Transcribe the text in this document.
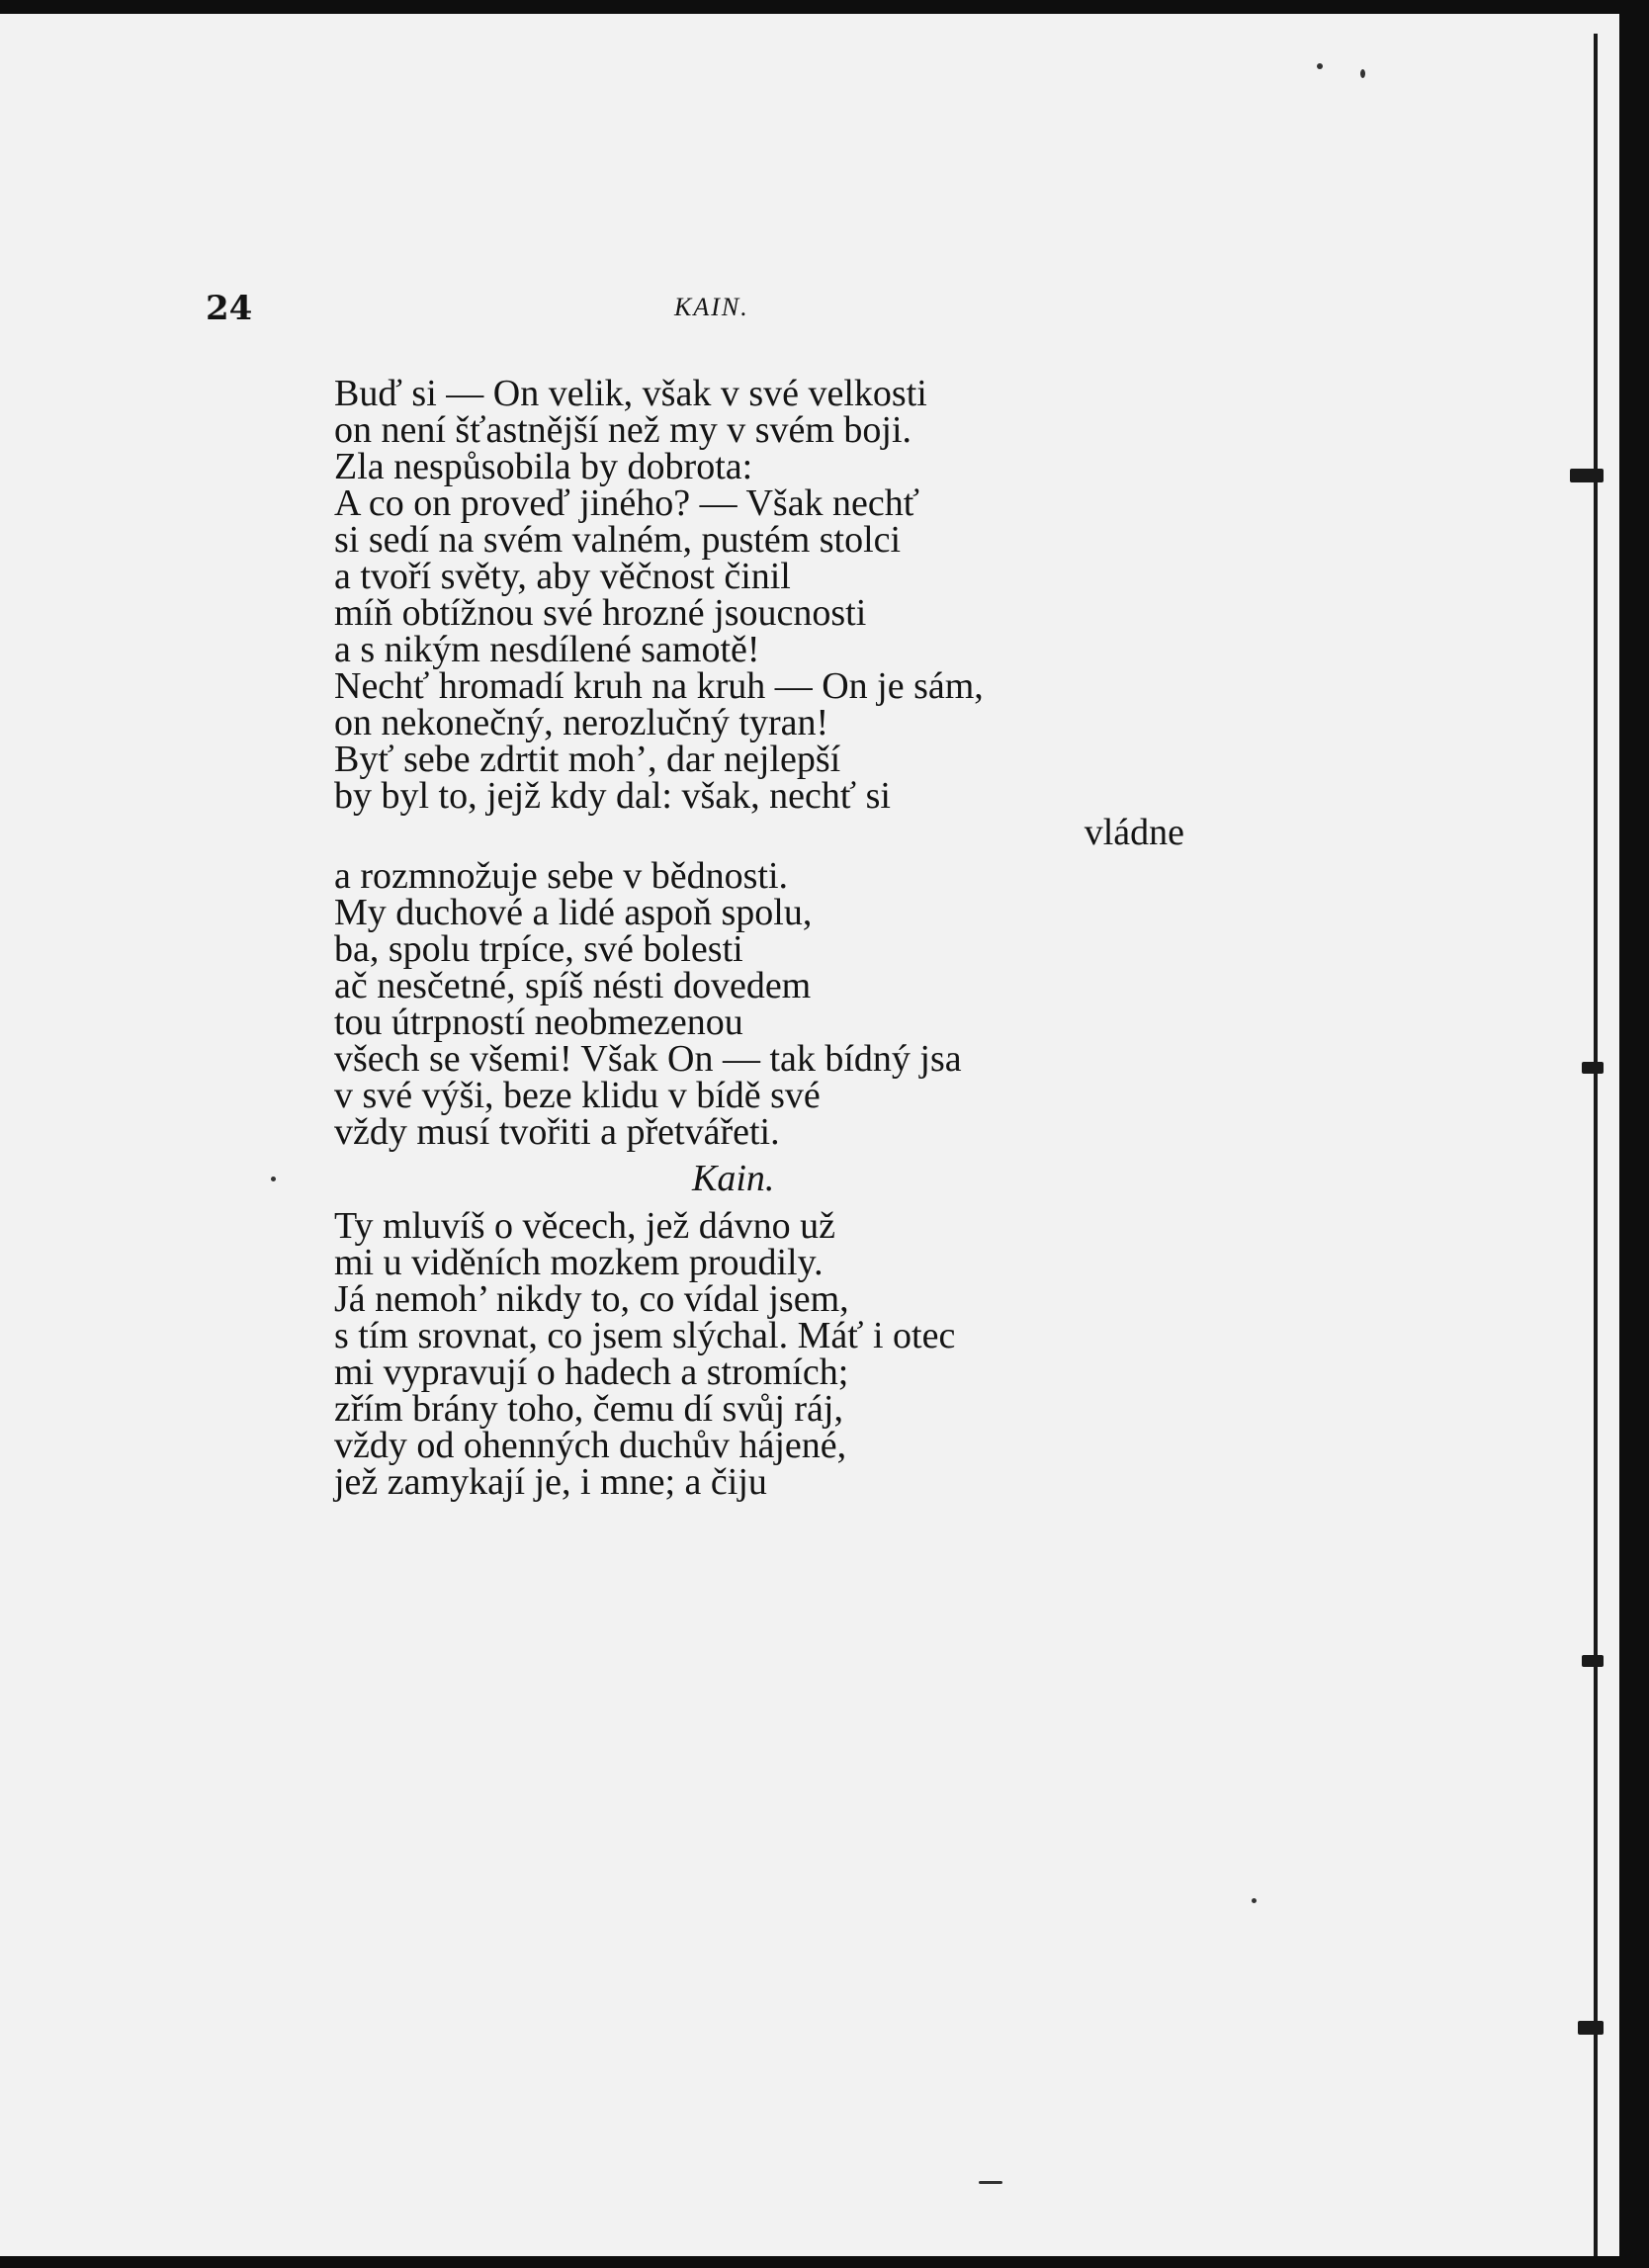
24	KAIN.
Buď si — On velik, však v své velkosti
on není šťastnější než my v svém boji.
Zla nespůsobila by dobrota:
A co on proveď jiného? — Však nechť
si sedí na svém valném, pustém stolci
a tvoří světy, aby věčnost činil
míň obtížnou své hrozné jsoucnosti
a s nikým nesdílené samotě!
Nechť hromadí kruh na kruh — On je sám,
on nekonečný, nerozlučný tyran!
Byť sebe zdrtit moh’, dar nejlepší
by byl to, jejž kdy dal: však, nechť si
vládne
a rozmnožuje sebe v bědnosti.
My duchové a lidé aspoň spolu,
ba, spolu trpíce, své bolesti
ač nesčetné, spíš nésti dovedem
tou útrpností neobmezenou
všech se všemi! Však On — tak bídný jsa
v své výši, beze klidu v bídě své
vždy musí tvořiti a přetvářeti.
Kain.
Ty mluvíš o věcech, jež dávno už
mi u viděních mozkem proudily.
Já nemoh’ nikdy to, co vídal jsem,
s tím srovnat, co jsem slýchal. Máť i otec
mi vypravují o hadech a stromích;
zřím brány toho, čemu dí svůj ráj,
vždy od ohenných duchův hájené,
jež zamykají je, i mne; a čiju
